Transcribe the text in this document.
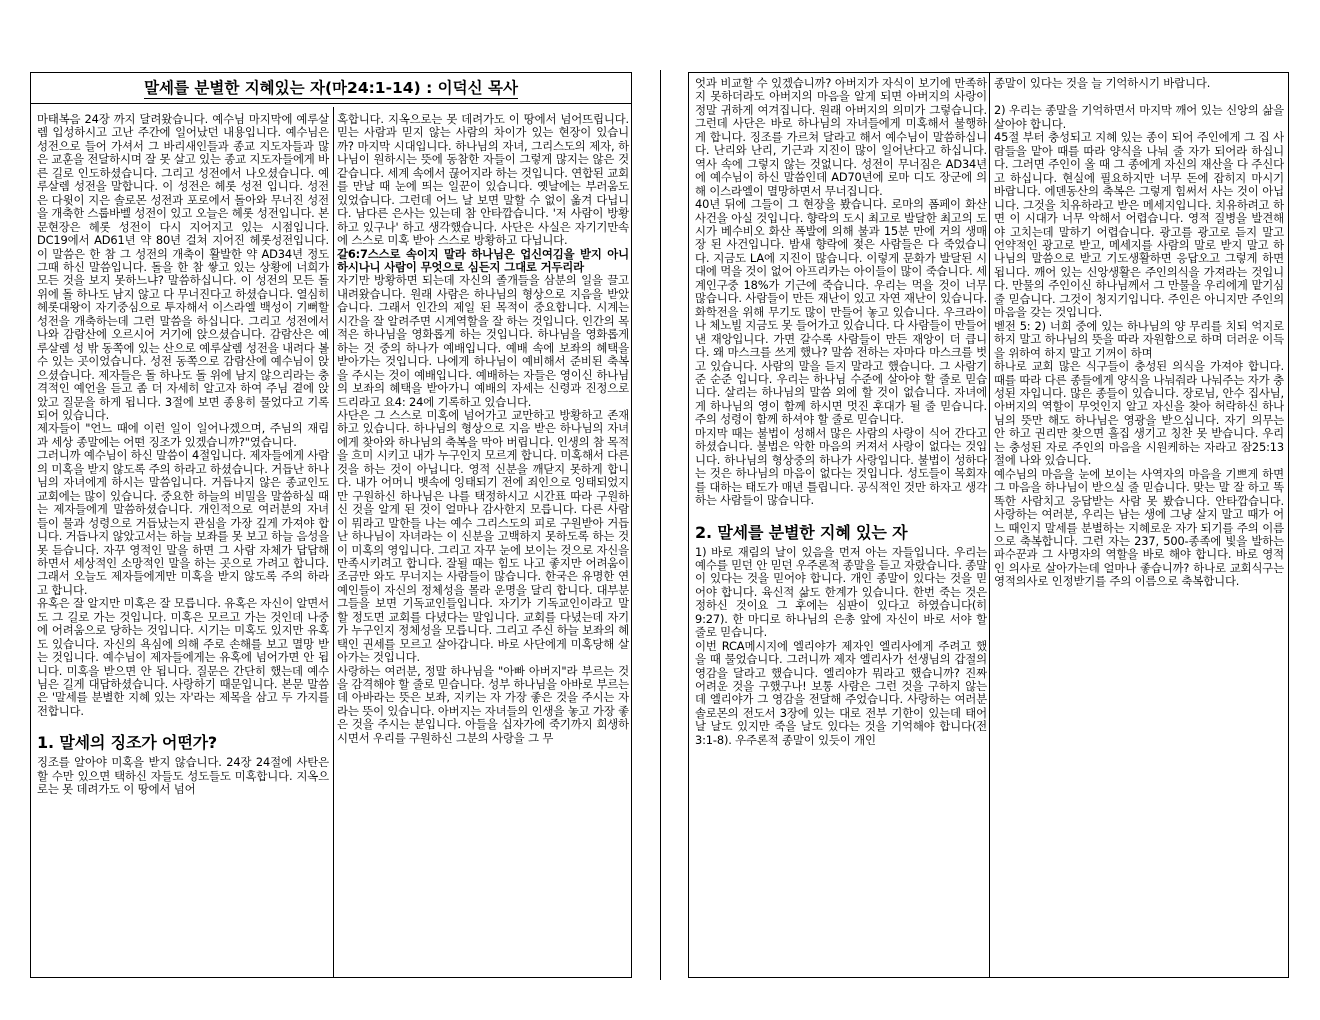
말세를 분별한 지혜있는 자(마24:1-14) : 이덕신 목사

마태복음 24장 까지 달려왔습니다. 예수님 마지막에 예루살렘 입성하시고 고난 주간에 일어났던 내용입니다. 예수님은 성전으로 들어 가셔서 그 바리새인들과 종교 지도자들과 많은 교훈을 전달하시며 잘 못 살고 있는 종교 지도자들에게 바른 길로 인도하셨습니다. 그리고 성전에서 나오셨습니다. 예루살렘 성전을 말합니다. 이 성전은 헤롯 성전 입니다. 성전은 다윗이 지은 솔로몬 성전과 포로에서 돌아와 무너진 성전을 개축한 스룹바벨 성전이 있고 오늘은 헤롯 성전입니다. 본문현장은 헤롯 성전이 다시 지어지고 있는 시점입니다. DC19에서 AD61년 약 80년 걸쳐 지어진 헤롯성전입니다. 이 말씀은 한 참 그 성전의 개축이 활발한 약 AD34년 정도 그때 하신 말씀입니다. 돌을 한 참 쌓고 있는 상황에 너희가 모든 것을 보지 못하느냐? 말씀하십니다. 이 성전의 모든 돌 위에 돌 하나도 남지 않고 다 무너진다고 하셨습니다. 열심히 헤롯대왕이 자기중심으로 투자해서 이스라엘 백성이 기뻐할 성전을 개축하는데 그런 말씀을 하십니다. 그리고 성전에서 나와 감람산에 오르시어 거기에 앉으셨습니다. 감람산은 예루살렘 성 밖 동쪽에 있는 산으로 예루살렘 성전을 내려다 볼 수 있는 곳이었습니다. 성전 동쪽으로 감람산에 예수님이 앉으셨습니다. 제자들은 돌 하나도 돌 위에 남지 않으리라는 충격적인 예언을 듣고 좀 더 자세히 알고자 하여 주님 곁에 앉았고 질문을 하게 됩니다. 3절에 보면 종용히 물었다고 기록되어 있습니다.

제자들이 "언느 때에 이런 일이 일어나겠으며, 주님의 재림과 세상 종말에는 어떤 징조가 있겠습니까?"였습니다.

그러니까 예수님이 하신 말씀이 4절입니다. 제자들에게 사람의 미혹을 받지 않도록 주의 하라고 하셨습니다. 거듭난 하나님의 자녀에게 하시는 말씀입니다. 거듭나지 않은 종교인도 교회에는 많이 있습니다. 중요한 하늘의 비밀을 말씀하실 때는 제자들에게 말씀하셨습니다. 개인적으로 여러분의 자녀들이 물과 성령으로 거듭났는지 관심을 가장 깊게 가져야 합니다. 거듭나지 않았고서는 하늘 보좌를 못 보고 하늘 음성을 못 듣습니다. 자꾸 영적인 말을 하면 그 사람 자체가 답답해하면서 세상적인 소망적인 말을 하는 곳으로 가려고 합니다. 그래서 오늘도 제자들에게만 미혹을 받지 않도록 주의 하라고 합니다.

유혹은 잘 알지만 미혹은 잘 모릅니다. 유혹은 자신이 알면서도 그 길로 가는 것입니다. 미혹은 모르고 가는 것인데 나중에 어려움으로 당하는 것입니다. 시기는 미혹도 있지만 유혹도 있습니다. 자신의 욕심에 의해 주로 손해를 보고 멸망 받는 것입니다. 예수님이 제자들에게는 유혹에 넘어가면 안 됩니다. 미혹을 받으면 안 됩니다. 질문은 간단히 했는데 예수님은 길게 대답하셨습니다. 사랑하기 때문입니다. 본문 말씀은 '말세를 분별한 지혜 있는 자'라는 제목을 삼고 두 가지를 전합니다.

1. 말세의 징조가 어떤가?

징조를 알아야 미혹을 받지 않습니다. 24장 24절에 사탄은 할 수만 있으면 택하신 자들도 성도들도 미혹합니다. 지옥으로는 못 데려가도 이 땅에서 넘어

혹합니다. 지옥으로는 못 데려가도 이 땅에서 넘어뜨립니다. 믿는 사람과 믿지 않는 사람의 차이가 있는 현장이 있습니까? 마지막 시대입니다. 하나님의 자녀, 그리스도의 제자, 하나님이 원하시는 뜻에 동참한 자들이 그렇게 많지는 않은 것 같습니다. 세계 속에서 끊어지라 하는 것입니다. 연합된 교회를 만날 때 눈에 띄는 일꾼이 있습니다. 옛날에는 부러움도 있었습니다. 그런데 어느 날 보면 말할 수 없이 옮겨 다닙니다. 남다른 은사는 있는데 참 안타깝습니다. '저 사람이 방황하고 있구나' 하고 생각했습니다. 사단은 사실은 자기기만속에 스스로 미혹 받아 스스로 방황하고 다닙니다.

갈6:7스스로 속이지 말라 하나님은 업신여김을 받지 아니하시나니 사람이 무엇으로 심든지 그대로 거두리라

자기만 방황하면 되는데 자신의 졸개들을 삼분의 일을 끌고 내려왔습니다. 원래 사람은 하나님의 형상으로 지음을 받았습니다. 그래서 인간의 제일 된 목적이 중요합니다. 시계는 시간을 잘 알려주면 시계역할을 잘 하는 것입니다. 인간의 목적은 하나님을 영화롭게 하는 것입니다. 하나님을 영화롭게 하는 것 중의 하나가 예배입니다. 예배 속에 보좌의 혜택을 받아가는 것입니다. 나에게 하나님이 예비해서 준비된 축복을 주시는 것이 예배입니다. 예배하는 자들은 영이신 하나님의 보좌의 혜택을 받아가니 예배의 자세는 신령과 진정으로 드리라고 요4: 24에 기록하고 있습니다.

사단은 그 스스로 미혹에 넘어가고 교만하고 방황하고 존재하고 있습니다. 하나님의 형상으로 지음 받은 하나님의 자녀에게 찾아와 하나님의 축복을 막아 버립니다. 인생의 참 목적을 흐미 시키고 내가 누구인지 모르게 합니다. 미혹해서 다른 것을 하는 것이 아닙니다. 영적 신분을 깨닫지 못하게 합니다. 내가 어머니 뱃속에 잉태되기 전에 죄인으로 잉태되었지만 구원하신 하나님은 나를 택정하시고 시간표 따라 구원하신 것을 알게 된 것이 얼마나 감사한지 모릅니다. 다른 사람이 뭐라고 말한들 나는 예수 그리스도의 피로 구원받아 거듭난 하나님이 자녀라는 이 신분을 고백하지 못하도록 하는 것이 미혹의 영입니다. 그리고 자꾸 눈에 보이는 것으로 자신을 만족시키려고 합니다. 잘될 때는 힘도 나고 좋지만 어려움이 조금만 와도 무너지는 사람들이 많습니다. 한국은 유명한 연예인들이 자신의 정체성을 몰라 운명을 달리 합니다. 대부분 그들을 보면 기독교인들입니다. 자기가 기독교인이라고 말할 정도면 교회를 다녔다는 말입니다. 교회를 다녔는데 자기가 누구인지 정체성을 모릅니다. 그리고 주신 하늘 보좌의 혜택인 권세를 모르고 살아갑니다. 바로 사단에게 미혹당해 살아가는 것입니다.

사랑하는 여러분, 정말 하나님을 "아빠 아버지"라 부르는 것을 감격해야 할 줄로 믿습니다. 성부 하나님을 아바로 부르는데 아바라는 뜻은 보좌, 지키는 자 가장 좋은 것을 주시는 자라는 뜻이 있습니다. 아버지는 자녀들의 인생을 놓고 가장 좋은 것을 주시는 분입니다. 아들을 십자가에 죽기까지 희생하시면서 우리를 구원하신 그분의 사랑을 그 무

엇과 비교할 수 있겠습니까? 아버지가 자식이 보기에 만족하지 못하더라도 아버지의 마음을 알게 되면 아버지의 사랑이 정말 귀하게 여겨집니다. 원래 아버지의 의미가 그렇습니다. 그런데 사단은 바로 하나님의 자녀들에게 미혹해서 불행하게 합니다. 징조를 가르쳐 달라고 해서 예수님이 말씀하십니다. 난리와 난리, 기근과 지진이 많이 일어난다고 하십니다. 역사 속에 그렇지 않는 것없니다. 성전이 무너짐은 AD34년에 예수님이 하신 말씀인데 AD70년에 로마 디도 장군에 의해 이스라엘이 멸망하면서 무너집니다.

40년 뒤에 그들이 그 현장을 봤습니다. 로마의 폼페이 화산 사건을 아실 것입니다. 향락의 도시 최고로 발달한 최고의 도시가 베수비오 화산 폭발에 의해 불과 15분 만에 거의 생매장 된 사건입니다. 밤새 향락에 젖은 사람들은 다 죽었습니다. 지금도 LA에 지진이 많습니다. 이렇게 문화가 발달된 시대에 먹을 것이 없어 아프리카는 아이들이 많이 죽습니다. 세계인구중 18%가 기근에 죽습니다. 우리는 먹을 것이 너무 많습니다. 사람들이 만든 재난이 있고 자연 재난이 있습니다. 화학전을 위해 무기도 많이 만들어 놓고 있습니다. 우크라이나 체노빌 지금도 못 들어가고 있습니다. 다 사람들이 만들어낸 재앙입니다. 가면 갈수록 사람들이 만든 재앙이 더 큽니다. 왜 마스크를 쓰게 했나? 말씀 전하는 자마다 마스크를 벗고 있습니다. 사람의 말을 듣지 말라고 했습니다. 그 사람기준 순준 입니다. 우리는 하나님 수준에 살아야 할 줄로 믿습니다. 살리는 하나님의 말씀 외에 할 것이 없습니다. 자녀에게 하나님의 영이 함께 하시면 멋진 후대가 될 줄 믿습니다. 주의 성령이 함께 하셔야 할 줄로 믿습니다.

마지막 때는 불법이 성해서 많은 사람의 사랑이 식어 간다고 하셨습니다. 불법은 악한 마음의 커져서 사랑이 없다는 것입니다. 하나님의 형상중의 하나가 사랑입니다. 불법이 성하다는 것은 하나님의 마음이 없다는 것입니다. 성도들이 목회자를 대하는 태도가 매년 틀립니다. 공식적인 것만 하자고 생각하는 사람들이 많습니다.

2. 말세를 분별한 지혜 있는 자

1) 바로 재림의 날이 있음을 먼저 아는 자들입니다. 우리는 예수를 믿던 안 믿던 우주론적 종말을 듣고 자랐습니다. 종말이 있다는 것을 믿어야 합니다. 개인 종말이 있다는 것을 믿어야 합니다. 육신적 삶도 한계가 있습니다. 한번 죽는 것은 정하신 것이요 그 후에는 심판이 있다고 하였습니다(히9:27). 한 마디로 하나님의 은총 앞에 자신이 바로 서야 할 줄로 믿습니다.

이번 RCA메시지에 엘리야가 제자인 엘리사에게 주려고 했을 때 물었습니다. 그러니까 제자 엘리사가 선생님의 갑절의 영감을 달라고 했습니다. 엘리야가 뭐라고 했습니까? 진짜 어려운 것을 구했구나! 보통 사람은 그런 것을 구하지 않는데 엘리야가 그 영감을 전달해 주었습니다. 사랑하는 여러분 솔로몬의 전도서 3장에 있는 대로 전부 기한이 있는데 태어날 날도 있지만 죽을 날도 있다는 것을 기억해야 합니다(전 3:1-8). 우주론적 종말이 있듯이 개인

종말이 있다는 것을 늘 기억하시기 바랍니다.

2) 우리는 종말을 기억하면서 마지막 깨어 있는 신앙의 삶을 살아야 합니다.

45절 부터 충성되고 지혜 있는 종이 되어 주인에게 그 집 사람들을 맡아 때를 따라 양식을 나눠 줄 자가 되어라 하십니다. 그러면 주인이 올 때 그 종에게 자신의 재산을 다 주신다고 하십니다. 현실에 필요하지만 너무 돈에 잡히지 마시기 바랍니다. 에덴동산의 축복은 그렇게 힘써서 사는 것이 아닙니다. 그것을 치유하라고 받은 메세지입니다. 치유하려고 하면 이 시대가 너무 악해서 어렵습니다. 영적 질병을 발견해야 고치는데 말하기 어렵습니다. 광고를 광고로 듣지 말고 언약적인 광고로 받고, 메세지를 사람의 말로 받지 말고 하나님의 말씀으로 받고 기도생활하면 응답오고 그렇게 하면 됩니다. 깨어 있는 신앙생활은 주인의식을 가져라는 것입니다. 만물의 주인이신 하나님께서 그 만물을 우리에게 맡기심 줄 믿습니다. 그것이 청지기입니다. 주인은 아니지만 주인의 마음을 갖는 것입니다.

벧전 5: 2) 너희 중에 있는 하나님의 양 무리를 치되 억지로 하지 말고 하나님의 뜻을 따라 자원함으로 하며 더러운 이득을 위하여 하지 말고 기꺼이 하며

하나로 교회 많은 식구들이 충성된 의식을 가져야 합니다. 때를 따라 다른 종들에게 양식을 나눠줘라 나눠주는 자가 충성된 자입니다. 많은 종들이 있습니다. 장로님, 안수 집사님, 아버지의 역할이 무엇인지 알고 자신을 찾아 허락하신 하나님의 뜻만 해도 하나님은 영광을 받으십니다. 자기 의무는 안 하고 권리만 찾으면 흘집 생기고 칭찬 못 받습니다. 우리는 충성된 자로 주인의 마음을 시원케하는 자라고 잠25:13절에 나와 있습니다.

예수님의 마음을 눈에 보이는 사역자의 마음을 기쁘게 하면 그 마음을 하나님이 받으실 줄 믿습니다. 맞는 말 잘 하고 똑똑한 사람치고 응답받는 사람 못 봤습니다. 안타깝습니다. 사랑하는 여러분, 우리는 남는 생에 그냥 살지 말고 때가 어느 때인지 말세를 분별하는 지혜로운 자가 되기를 주의 이름으로 축복합니다. 그런 자는 237, 500-종족에 빛을 발하는 파수꾼과 그 사명자의 역할을 바로 해야 합니다. 바로 영적인 의사로 살아가는데 얼마나 좋습니까? 하나로 교회식구는 영적의사로 인정받기를 주의 이름으로 축복합니다.
